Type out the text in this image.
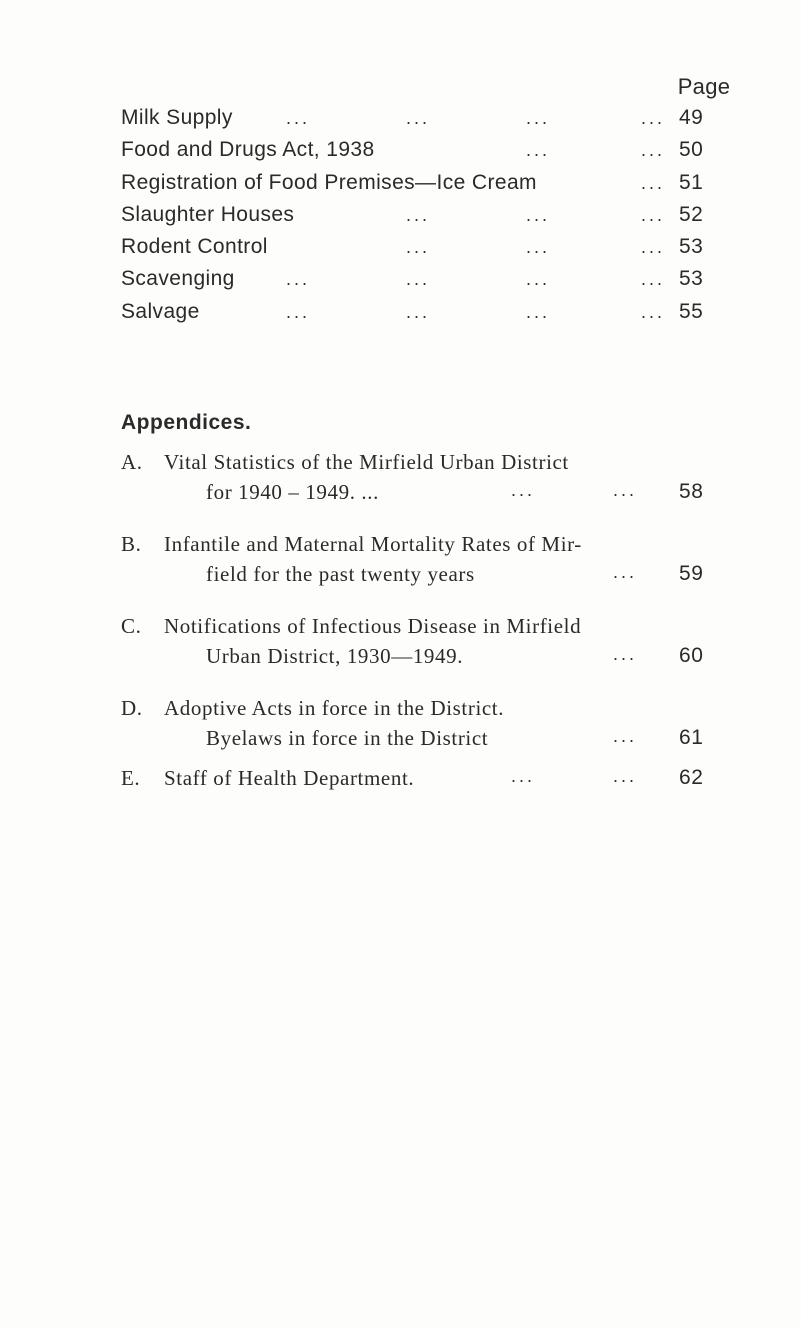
Page
Milk Supply	...	...	...	... 49
Food and Drugs Act, 1938	...	... 50
Registration of Food Premises—Ice Cream	... 51
Slaughter Houses	...	...	... 52
Rodent Control	...	...	... 53
Scavenging	...	...	...	... 53
Salvage	...	...	...	... 55
Appendices.
A. Vital Statistics of the Mirfield Urban District
for 1940 – 1949. ...	...	... 58
B. Infantile and Maternal Mortality Rates of Mir-
field for the past twenty years	... 59
C. Notifications of Infectious Disease in Mirfield
Urban District, 1930—1949.	... 60
D. Adoptive Acts in force in the District.
Byelaws in force in the District	... 61
E. Staff of Health Department.	...	... 62
